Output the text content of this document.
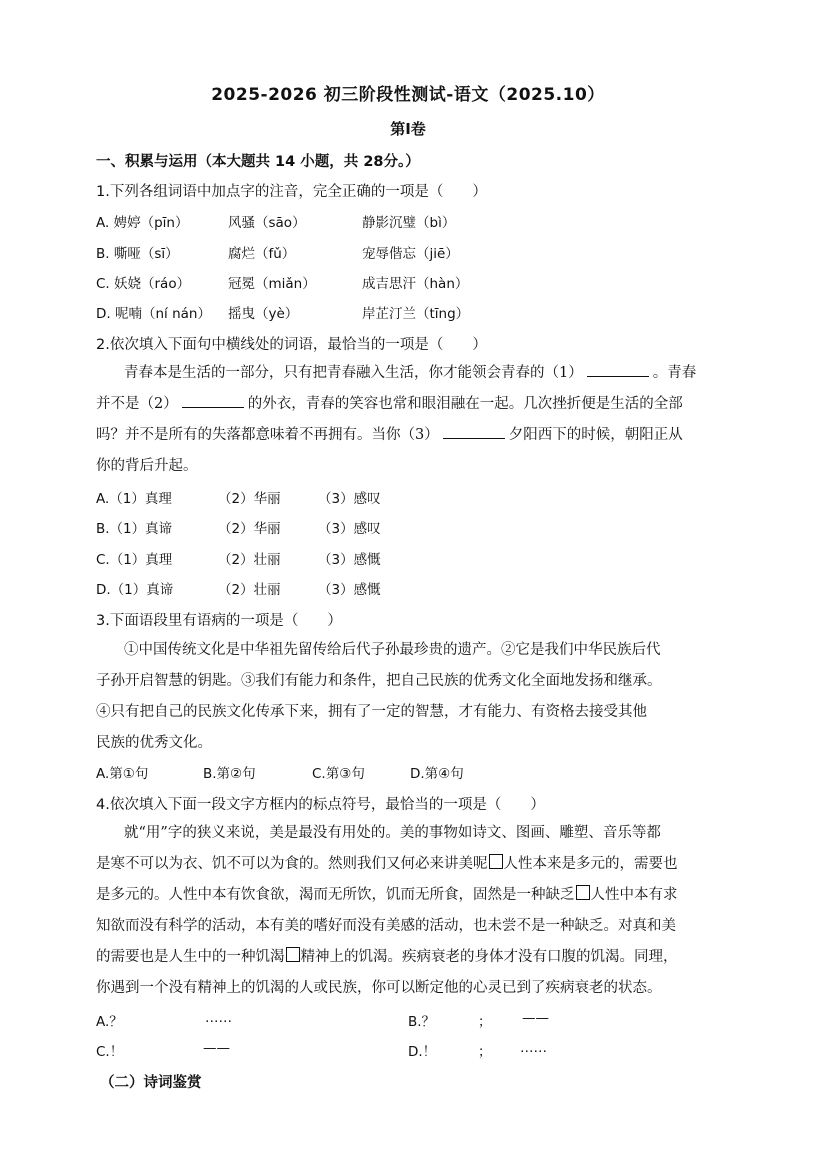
2025-2026 初三阶段性测试-语文（2025.10）
第Ⅰ卷
一、积累与运用（本大题共 14 小题，共 28分。）
1.下列各组词语中加点字的注音，完全正确的一项是（　　）
A. 娉婷（pīn）	风骚（sāo）	静影沉璧（bì）
B. 嘶哑（sī）	腐烂（fǔ）	宠辱偕忘（jiē）
C. 妖娆（ráo）	冠冕（miǎn）	成吉思汗（hàn）
D. 呢喃（ní nán） 摇曳（yè）	岸芷汀兰（tīng）
2.依次填入下面句中横线处的词语，最恰当的一项是（　　）
青春本是生活的一部分，只有把青春融入生活，你才能领会青春的（1）	。青春
并不是（2）	的外衣，青春的笑容也常和眼泪融在一起。几次挫折便是生活的全部
吗？并不是所有的失落都意味着不再拥有。当你（3）	夕阳西下的时候，朝阳正从
你的背后升起。
A.（1）真理	（2）华丽	（3）感叹
B.（1）真谛	（2）华丽	（3）感叹
C.（1）真理	（2）壮丽	（3）感慨
D.（1）真谛	（2）壮丽	（3）感慨
3.下面语段里有语病的一项是（　　）
①中国传统文化是中华祖先留传给后代子孙最珍贵的遗产。②它是我们中华民族后代
子孙开启智慧的钥匙。③我们有能力和条件，把自己民族的优秀文化全面地发扬和继承。
④只有把自己的民族文化传承下来，拥有了一定的智慧，才有能力、有资格去接受其他
民族的优秀文化。
A.第①句	B.第②句	C.第③句	D.第④句
4.依次填入下面一段文字方框内的标点符号，最恰当的一项是（　　）
就“用”字的狭义来说，美是最没有用处的。美的事物如诗文、图画、雕塑、音乐等都
是寒不可以为衣、饥不可以为食的。然则我们又何必来讲美呢 人性本来是多元的，需要也
是多元的。人性中本有饮食欲，渴而无所饮，饥而无所食，固然是一种缺乏 人性中本有求
知欲而没有科学的活动，本有美的嗜好而没有美感的活动，也未尝不是一种缺乏。对真和美
的需要也是人生中的一种饥渴 精神上的饥渴。疾病衰老的身体才没有口腹的饥渴。同理，
你遇到一个没有精神上的饥渴的人或民族，你可以断定他的心灵已到了疾病衰老的状态。
A.？	……	B.？	； ——
C.！	——	D.！	； ……
（二）诗词鉴赏
